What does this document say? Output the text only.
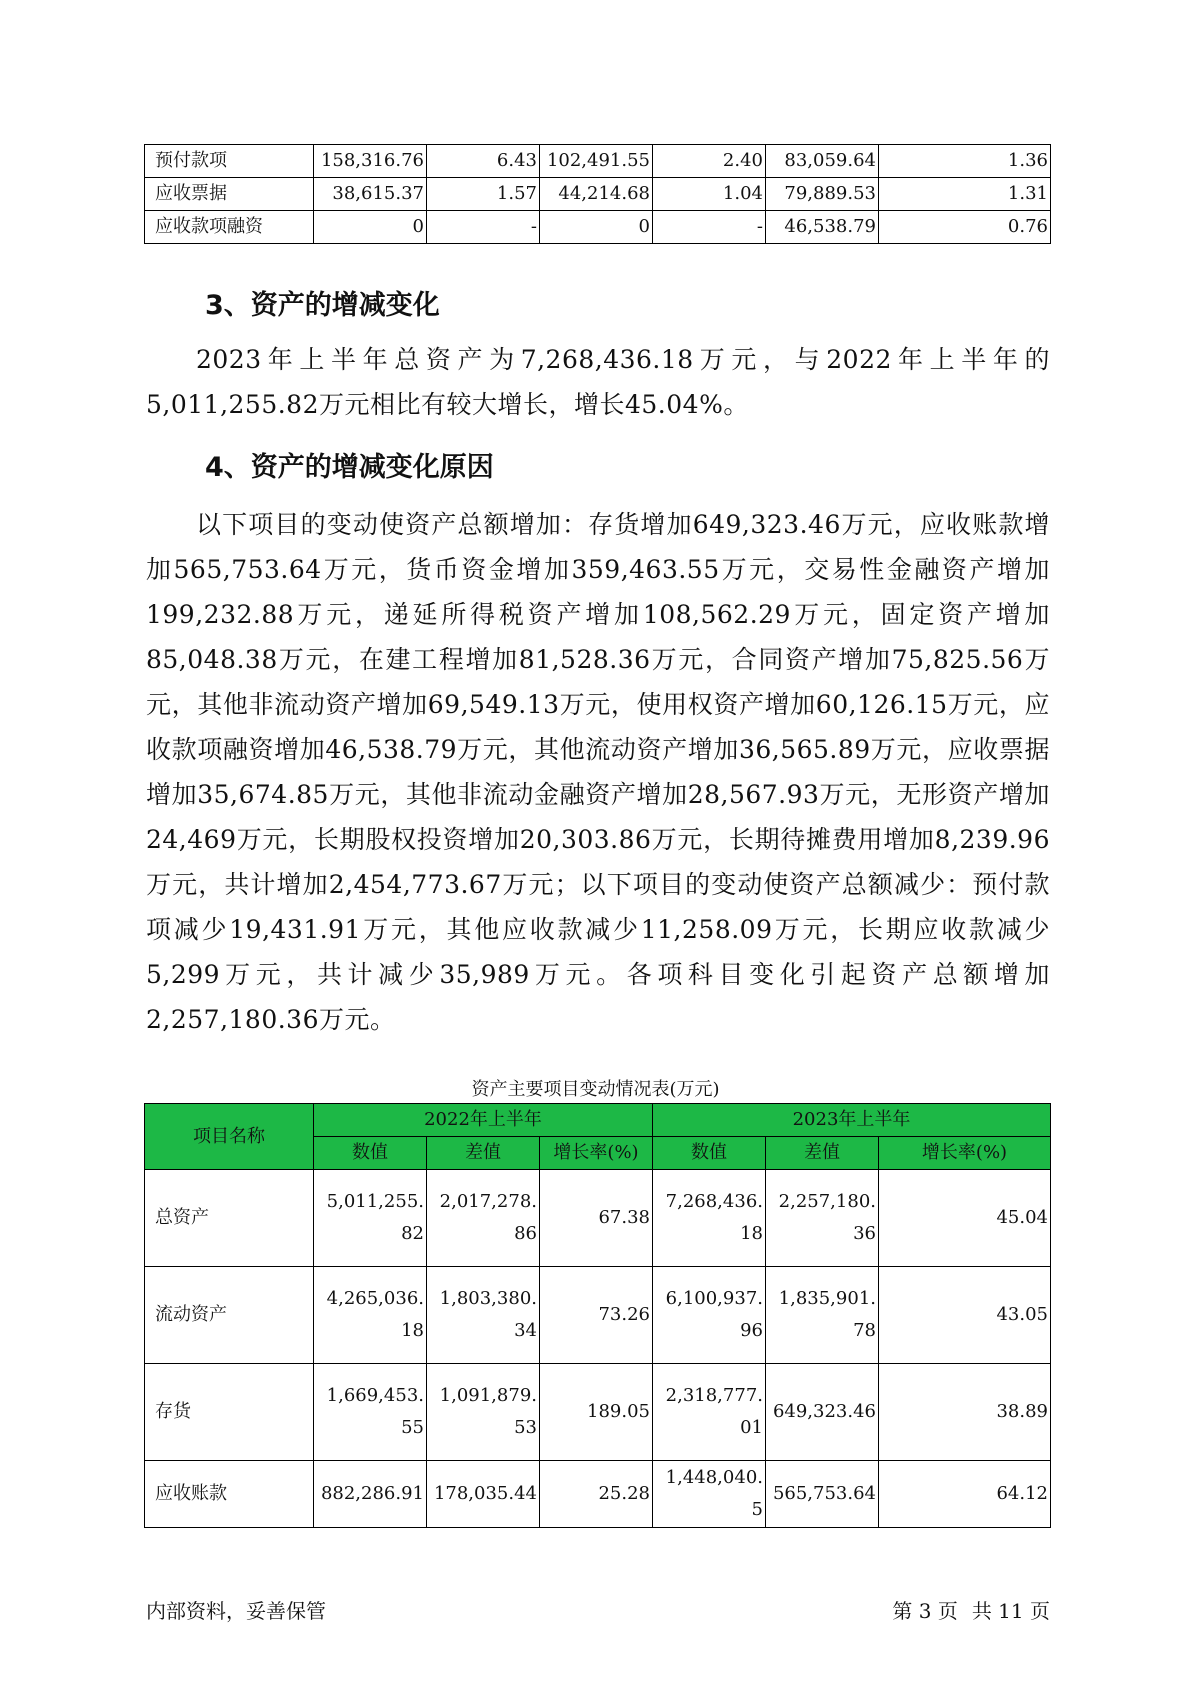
预付款项	158,316.76	6.43	102,491.55	2.40	83,059.64	1.36
应收票据	38,615.37	1.57	44,214.68	1.04	79,889.53	1.31
应收款项融资	0	-	0	-	46,538.79	0.76
3、资产的增减变化

2023年上半年总资产为7,268,436.18万元，与2022年上半年的5,011,255.82万元相比有较大增长，增长45.04%。

4、资产的增减变化原因

以下项目的变动使资产总额增加：存货增加649,323.46万元，应收账款增加565,753.64万元，货币资金增加359,463.55万元，交易性金融资产增加199,232.88万元，递延所得税资产增加108,562.29万元，固定资产增加85,048.38万元，在建工程增加81,528.36万元，合同资产增加75,825.56万元，其他非流动资产增加69,549.13万元，使用权资产增加60,126.15万元，应收款项融资增加46,538.79万元，其他流动资产增加36,565.89万元，应收票据增加35,674.85万元，其他非流动金融资产增加28,567.93万元，无形资产增加24,469万元，长期股权投资增加20,303.86万元，长期待摊费用增加8,239.96万元，共计增加2,454,773.67万元；以下项目的变动使资产总额减少：预付款项减少19,431.91万元，其他应收款减少11,258.09万元，长期应收款减少5,299万元，共计减少35,989万元。各项科目变化引起资产总额增加2,257,180.36万元。

资产主要项目变动情况表(万元)
项目名称	2022年上半年			2023年上半年		
	数值	差值	增长率(%)	数值	差值	增长率(%)

总资产	5,011,255.82	2,017,278.86	67.38	7,268,436.18	2,257,180.36	45.04

流动资产	4,265,036.18	1,803,380.34	73.26	6,100,937.96	1,835,901.78	43.05

存货	1,669,453.55	1,091,879.53	189.05	2,318,777.01	649,323.46	38.89

应收账款	882,286.91	178,035.44	25.28	1,448,040.5	565,753.64	64.12
内部资料，妥善保管	第 3 页 共 11 页
